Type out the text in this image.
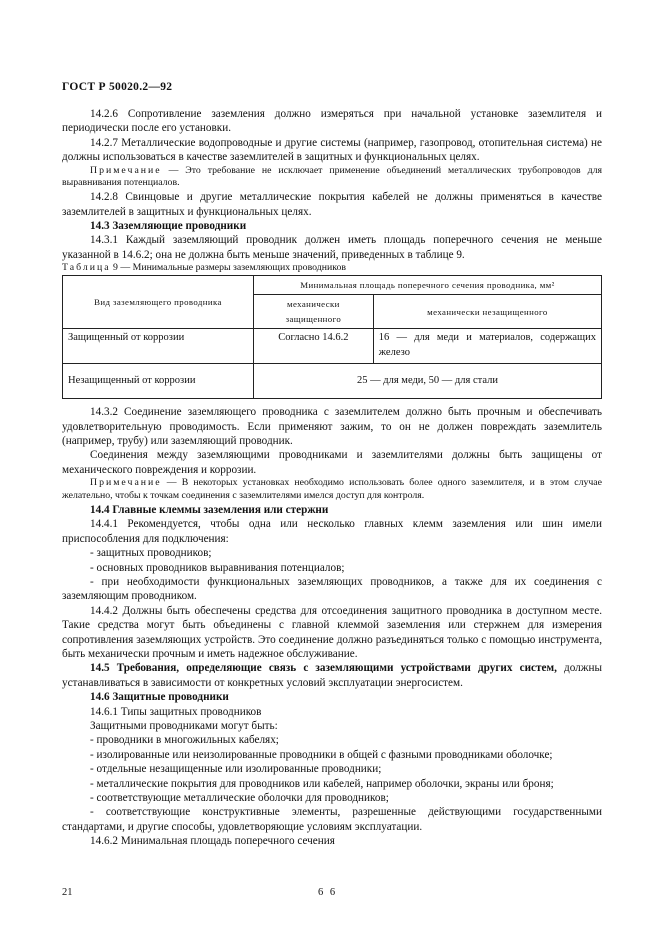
ГОСТ Р 50020.2—92

14.2.6 Сопротивление заземления должно измеряться при начальной установке заземлителя и периодически после его установки.

14.2.7 Металлические водопроводные и другие системы (например, газопровод, отопительная система) не должны использоваться в качестве заземлителей в защитных и функциональных целях.

Примечание — Это требование не исключает применение объединений металлических трубопроводов для выравнивания потенциалов.

14.2.8 Свинцовые и другие металлические покрытия кабелей не должны применяться в качестве заземлителей в защитных и функциональных целях.

14.3 Заземляющие проводники

14.3.1 Каждый заземляющий проводник должен иметь площадь поперечного сечения не меньше указанной в 14.6.2; она не должна быть меньше значений, приведенных в таблице 9.

Таблица 9 — Минимальные размеры заземляющих проводников

Вид заземляющего проводника	Минимальная площадь поперечного сечения проводника, мм²	
	механически защищенного	механически незащищенного
Защищенный от коррозии	Согласно 14.6.2	16 — для меди и материалов, содержащих железо
Незащищенный от коррозии	25 — для меди, 50 — для стали	

14.3.2 Соединение заземляющего проводника с заземлителем должно быть прочным и обеспечивать удовлетворительную проводимость. Если применяют зажим, то он не должен повреждать заземлитель (например, трубу) или заземляющий проводник.

Соединения между заземляющими проводниками и заземлителями должны быть защищены от механического повреждения и коррозии.

Примечание — В некоторых установках необходимо использовать более одного заземлителя, и в этом случае желательно, чтобы к точкам соединения с заземлителями имелся доступ для контроля.

14.4 Главные клеммы заземления или стержни

14.4.1 Рекомендуется, чтобы одна или несколько главных клемм заземления или шин имели приспособления для подключения:

- защитных проводников;

- основных проводников выравнивания потенциалов;

- при необходимости функциональных заземляющих проводников, а также для их соединения с заземляющим проводником.

14.4.2 Должны быть обеспечены средства для отсоединения защитного проводника в доступном месте. Такие средства могут быть объединены с главной клеммой заземления или стержнем для измерения сопротивления заземляющих устройств. Это соединение должно разъединяться только с помощью инструмента, быть механически прочным и иметь надежное обслуживание.

14.5 Требования, определяющие связь с заземляющими устройствами других систем, должны устанавливаться в зависимости от конкретных условий эксплуатации энергосистем.

14.6 Защитные проводники

14.6.1 Типы защитных проводников

Защитными проводниками могут быть:

- проводники в многожильных кабелях;

- изолированные или неизолированные проводники в общей с фазными проводниками оболочке;

- отдельные незащищенные или изолированные проводники;

- металлические покрытия для проводников или кабелей, например оболочки, экраны или броня;

- соответствующие металлические оболочки для проводников;

- соответствующие конструктивные элементы, разрешенные действующими государственными стандартами, и другие способы, удовлетворяющие условиям эксплуатации.

14.6.2 Минимальная площадь поперечного сечения

21	6 6
